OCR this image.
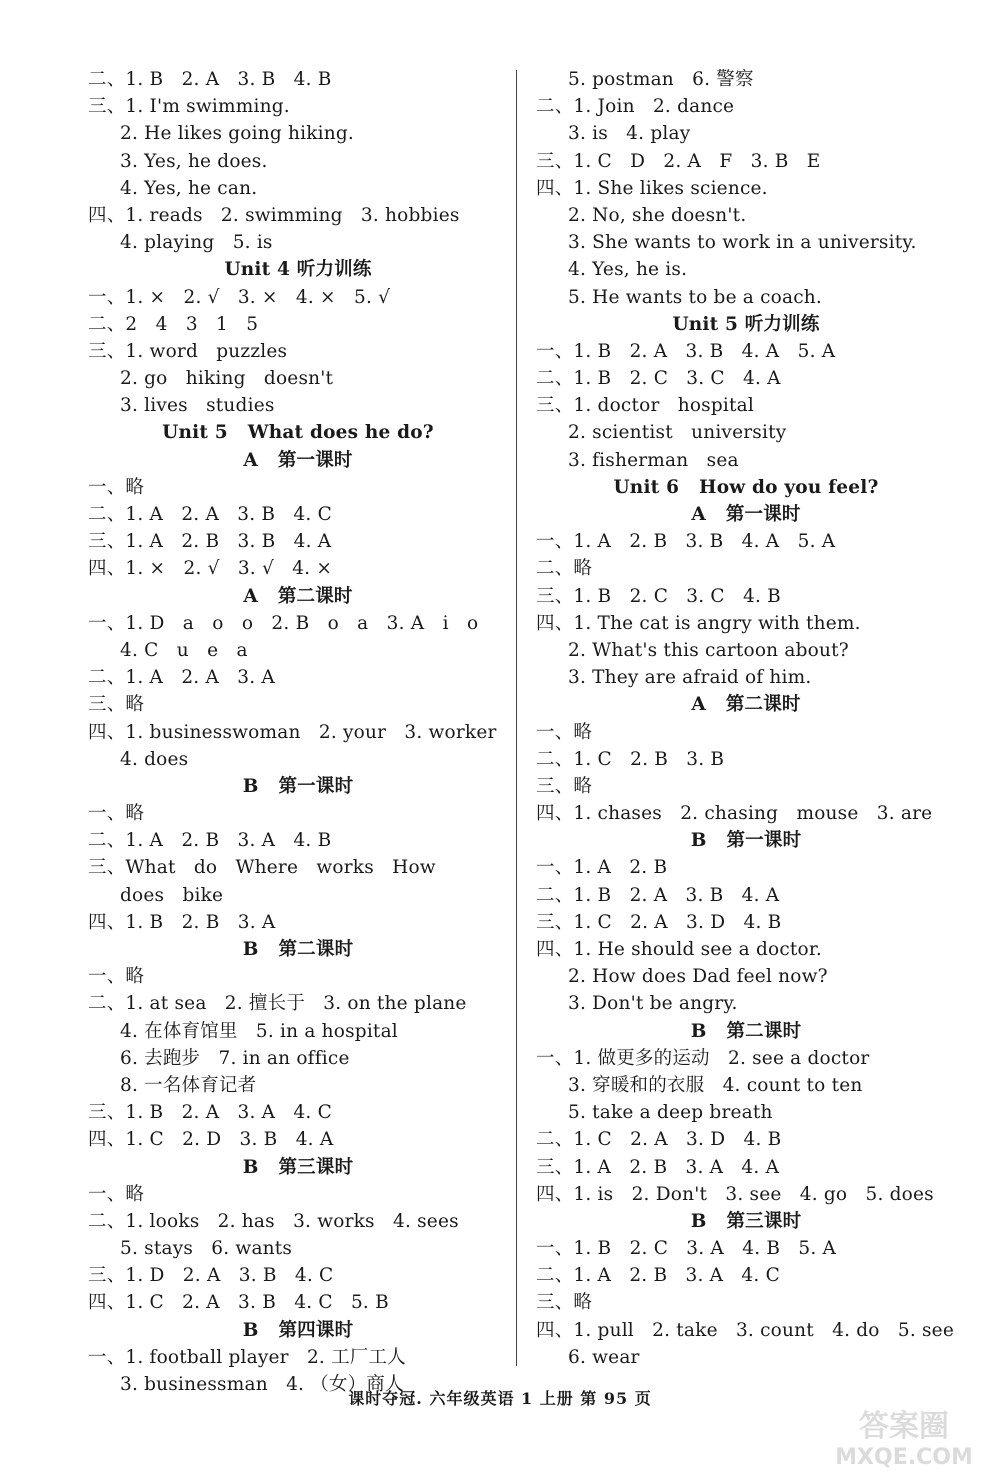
二、1. B   2. A   3. B   4. B
三、1. I'm swimming.
2. He likes going hiking.
3. Yes, he does.
4. Yes, he can.
四、1. reads   2. swimming   3. hobbies
4. playing   5. is
Unit 4 听力训练
一、1. ×   2. √   3. ×   4. ×   5. √
二、2   4   3   1   5
三、1. word   puzzles
2. go   hiking   doesn't
3. lives   studies
Unit 5   What does he do?
A   第一课时
一、略
二、1. A   2. A   3. B   4. C
三、1. A   2. B   3. B   4. A
四、1. ×   2. √   3. √   4. ×
A   第二课时
一、1. D   a   o   o   2. B   o   a   3. A   i   o
4. C   u   e   a
二、1. A   2. A   3. A
三、略
四、1. businesswoman   2. your   3. worker
4. does
B   第一课时
一、略
二、1. A   2. B   3. A   4. B
三、What   do   Where   works   How
does   bike
四、1. B   2. B   3. A
B   第二课时
一、略
二、1. at sea   2. 擅长于   3. on the plane
4. 在体育馆里   5. in a hospital
6. 去跑步   7. in an office
8. 一名体育记者
三、1. B   2. A   3. A   4. C
四、1. C   2. D   3. B   4. A
B   第三课时
一、略
二、1. looks   2. has   3. works   4. sees
5. stays   6. wants
三、1. D   2. A   3. B   4. C
四、1. C   2. A   3. B   4. C   5. B
B   第四课时
一、1. football player   2. 工厂工人
3. businessman   4. （女）商人
5. postman   6. 警察
二、1. Join   2. dance
3. is   4. play
三、1. C   D   2. A   F   3. B   E
四、1. She likes science.
2. No, she doesn't.
3. She wants to work in a university.
4. Yes, he is.
5. He wants to be a coach.
Unit 5 听力训练
一、1. B   2. A   3. B   4. A   5. A
二、1. B   2. C   3. C   4. A
三、1. doctor   hospital
2. scientist   university
3. fisherman   sea
Unit 6   How do you feel?
A   第一课时
一、1. A   2. B   3. B   4. A   5. A
二、略
三、1. B   2. C   3. C   4. B
四、1. The cat is angry with them.
2. What's this cartoon about?
3. They are afraid of him.
A   第二课时
一、略
二、1. C   2. B   3. B
三、略
四、1. chases   2. chasing   mouse   3. are
B   第一课时
一、1. A   2. B
二、1. B   2. A   3. B   4. A
三、1. C   2. A   3. D   4. B
四、1. He should see a doctor.
2. How does Dad feel now?
3. Don't be angry.
B   第二课时
一、1. 做更多的运动   2. see a doctor
3. 穿暖和的衣服   4. count to ten
5. take a deep breath
二、1. C   2. A   3. D   4. B
三、1. A   2. B   3. A   4. A
四、1. is   2. Don't   3. see   4. go   5. does
B   第三课时
一、1. B   2. C   3. A   4. B   5. A
二、1. A   2. B   3. A   4. C
三、略
四、1. pull   2. take   3. count   4. do   5. see
6. wear
课时夺冠. 六年级英语 1 上册 第 95 页
答案圈
MXQE.COM
